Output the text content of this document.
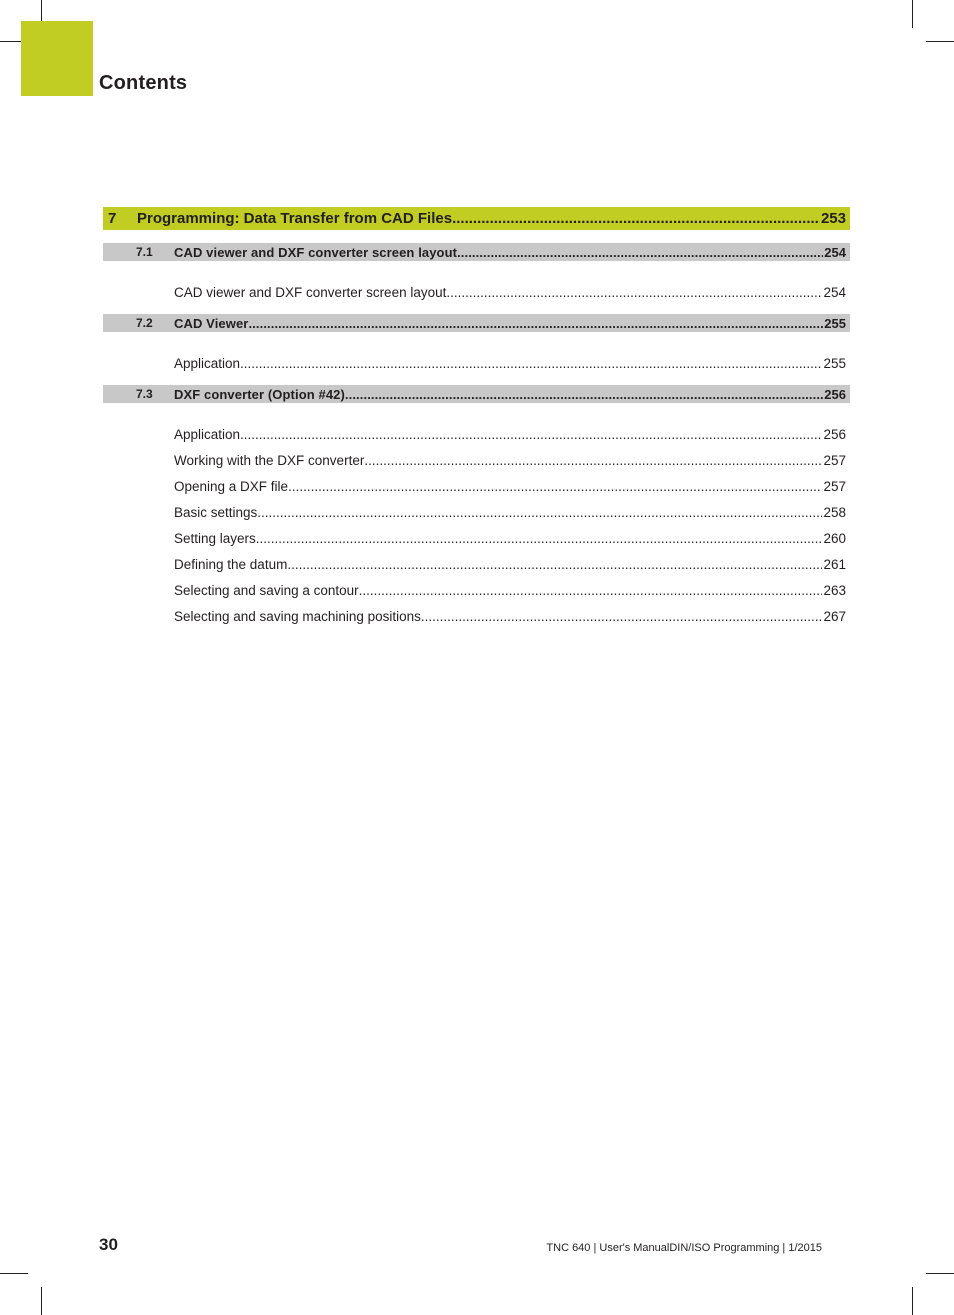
Contents
7	Programming: Data Transfer from CAD Files .....	253
7.1	CAD viewer and DXF converter screen layout .....	254
CAD viewer and DXF converter screen layout .....	254
7.2	CAD Viewer .....	255
Application .....	255
7.3	DXF converter (Option #42) .....	256
Application .....	256
Working with the DXF converter .....	257
Opening a DXF file .....	257
Basic settings .....	258
Setting layers .....	260
Defining the datum .....	261
Selecting and saving a contour .....	263
Selecting and saving machining positions .....	267
30	TNC 640 | User's ManualDIN/ISO Programming | 1/2015
